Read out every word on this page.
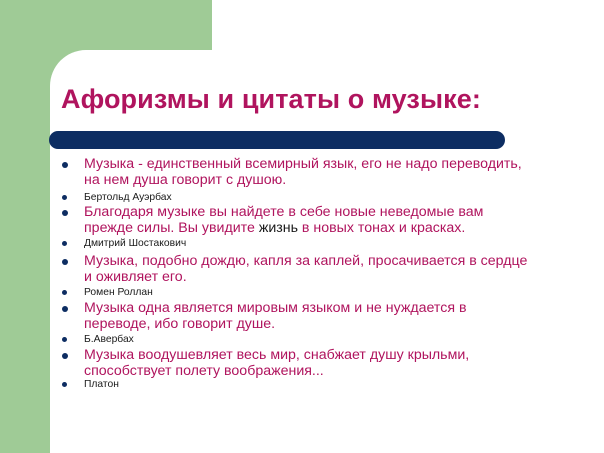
Афоризмы и цитаты о музыке:
Музыка - единственный всемирный язык, его не надо переводить,
на нем душа говорит с душою.
Бертольд Ауэрбах
Благодаря музыке вы найдете в себе новые неведомые вам
прежде силы. Вы увидите жизнь в новых тонах и красках.
Дмитрий Шостакович
Музыка, подобно дождю, капля за каплей, просачивается в сердце
и оживляет его.
Ромен Роллан
Музыка одна является мировым языком и не нуждается в
переводе, ибо говорит душе.
Б.Авербах
Музыка воодушевляет весь мир, снабжает душу крыльми,
способствует полету воображения...
Платон
